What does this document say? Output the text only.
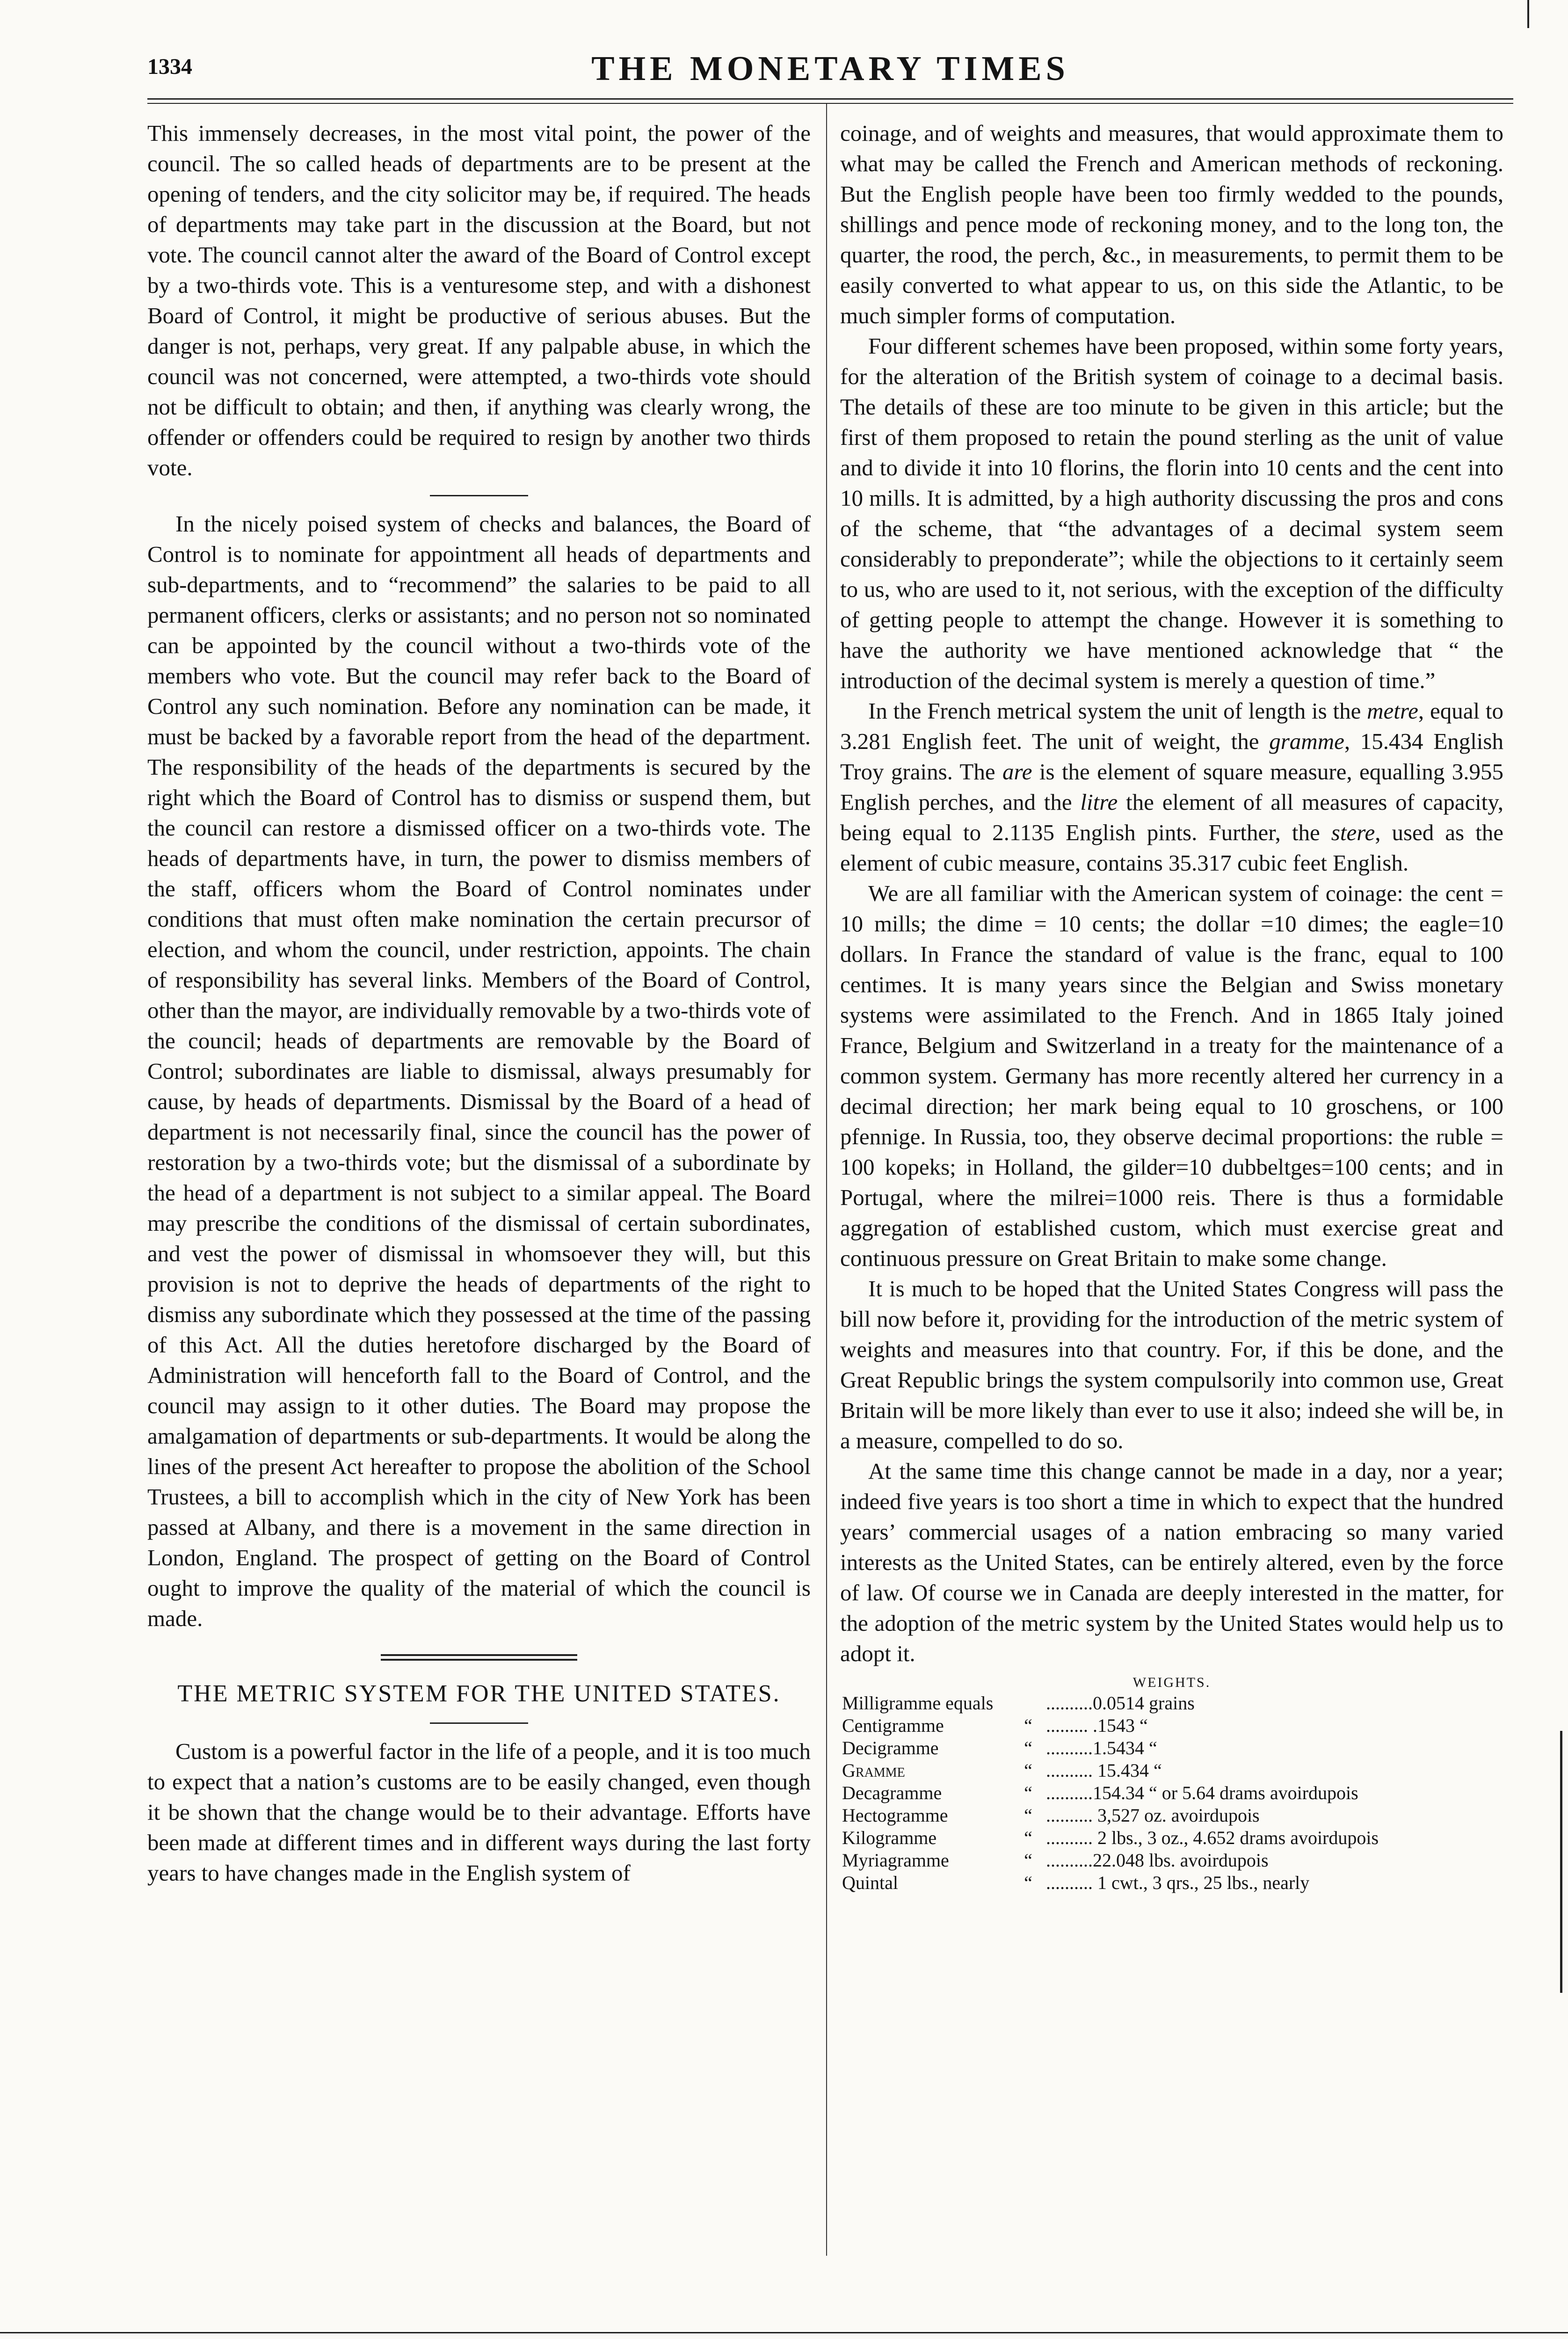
1334	THE MONETARY TIMES

This immensely decreases, in the most vital point, the power of the council. The so called heads of departments are to be present at the opening of tenders, and the city solicitor may be, if required. The heads of departments may take part in the discussion at the Board, but not vote. The council cannot alter the award of the Board of Control except by a two-thirds vote. This is a venturesome step, and with a dishonest Board of Control, it might be productive of serious abuses. But the danger is not, perhaps, very great. If any palpable abuse, in which the council was not concerned, were attempted, a two-thirds vote should not be difficult to obtain; and then, if anything was clearly wrong, the offender or offenders could be required to resign by another two thirds vote.

In the nicely poised system of checks and balances, the Board of Control is to nominate for appointment all heads of departments and sub-departments, and to “recommend” the salaries to be paid to all permanent officers, clerks or assistants; and no person not so nominated can be appointed by the council without a two-thirds vote of the members who vote. But the council may refer back to the Board of Control any such nomination. Before any nomination can be made, it must be backed by a favorable report from the head of the department. The responsibility of the heads of the departments is secured by the right which the Board of Control has to dismiss or suspend them, but the council can restore a dismissed officer on a two-thirds vote. The heads of departments have, in turn, the power to dismiss members of the staff, officers whom the Board of Control nominates under conditions that must often make nomination the certain precursor of election, and whom the council, under restriction, appoints. The chain of responsibility has several links. Members of the Board of Control, other than the mayor, are individually removable by a two-thirds vote of the council; heads of departments are removable by the Board of Control; subordinates are liable to dismissal, always presumably for cause, by heads of departments. Dismissal by the Board of a head of department is not necessarily final, since the council has the power of restoration by a two-thirds vote; but the dismissal of a subordinate by the head of a department is not subject to a similar appeal. The Board may prescribe the conditions of the dismissal of certain subordinates, and vest the power of dismissal in whomsoever they will, but this provision is not to deprive the heads of departments of the right to dismiss any subordinate which they possessed at the time of the passing of this Act. All the duties heretofore discharged by the Board of Administration will henceforth fall to the Board of Control, and the council may assign to it other duties. The Board may propose the amalgamation of departments or sub-departments. It would be along the lines of the present Act hereafter to propose the abolition of the School Trustees, a bill to accomplish which in the city of New York has been passed at Albany, and there is a movement in the same direction in London, England. The prospect of getting on the Board of Control ought to improve the quality of the material of which the council is made.

THE METRIC SYSTEM FOR THE UNITED STATES.

Custom is a powerful factor in the life of a people, and it is too much to expect that a nation’s customs are to be easily changed, even though it be shown that the change would be to their advantage. Efforts have been made at different times and in different ways during the last forty years to have changes made in the English system of

coinage, and of weights and measures, that would approximate them to what may be called the French and American methods of reckoning. But the English people have been too firmly wedded to the pounds, shillings and pence mode of reckoning money, and to the long ton, the quarter, the rood, the perch, &c., in measurements, to permit them to be easily converted to what appear to us, on this side the Atlantic, to be much simpler forms of computation.

Four different schemes have been proposed, within some forty years, for the alteration of the British system of coinage to a decimal basis. The details of these are too minute to be given in this article; but the first of them proposed to retain the pound sterling as the unit of value and to divide it into 10 florins, the florin into 10 cents and the cent into 10 mills. It is admitted, by a high authority discussing the pros and cons of the scheme, that “the advantages of a decimal system seem considerably to preponderate”; while the objections to it certainly seem to us, who are used to it, not serious, with the exception of the difficulty of getting people to attempt the change. However it is something to have the authority we have mentioned acknowledge that “ the introduction of the decimal system is merely a question of time.”

In the French metrical system the unit of length is the metre, equal to 3.281 English feet. The unit of weight, the gramme, 15.434 English Troy grains. The are is the element of square measure, equalling 3.955 English perches, and the litre the element of all measures of capacity, being equal to 2.1135 English pints. Further, the stere, used as the element of cubic measure, contains 35.317 cubic feet English.

We are all familiar with the American system of coinage: the cent = 10 mills; the dime = 10 cents; the dollar =10 dimes; the eagle=10 dollars. In France the standard of value is the franc, equal to 100 centimes. It is many years since the Belgian and Swiss monetary systems were assimilated to the French. And in 1865 Italy joined France, Belgium and Switzerland in a treaty for the maintenance of a common system. Germany has more recently altered her currency in a decimal direction; her mark being equal to 10 groschens, or 100 pfennige. In Russia, too, they observe decimal proportions: the ruble = 100 kopeks; in Holland, the gilder=10 dubbeltges=100 cents; and in Portugal, where the milrei=1000 reis. There is thus a formidable aggregation of established custom, which must exercise great and continuous pressure on Great Britain to make some change.

It is much to be hoped that the United States Congress will pass the bill now before it, providing for the introduction of the metric system of weights and measures into that country. For, if this be done, and the Great Republic brings the system compulsorily into common use, Great Britain will be more likely than ever to use it also; indeed she will be, in a measure, compelled to do so.

At the same time this change cannot be made in a day, nor a year; indeed five years is too short a time in which to expect that the hundred years’ commercial usages of a nation embracing so many varied interests as the United States, can be entirely altered, even by the force of law. Of course we in Canada are deeply interested in the matter, for the adoption of the metric system by the United States would help us to adopt it.

WEIGHTS.
Milligramme equals		..........0.0514 grains
Centigramme	“	......... .1543 “
Decigramme	“	..........1.5434 “
Gramme	“	.......... 15.434 “
Decagramme	“	..........154.34 “ or 5.64 drams avoirdupois
Hectogramme	“	.......... 3,527 oz. avoirdupois
Kilogramme	“	.......... 2 lbs., 3 oz., 4.652 drams avoirdupois
Myriagramme	“	..........22.048 lbs. avoirdupois
Quintal	“	.......... 1 cwt., 3 qrs., 25 lbs., nearly
